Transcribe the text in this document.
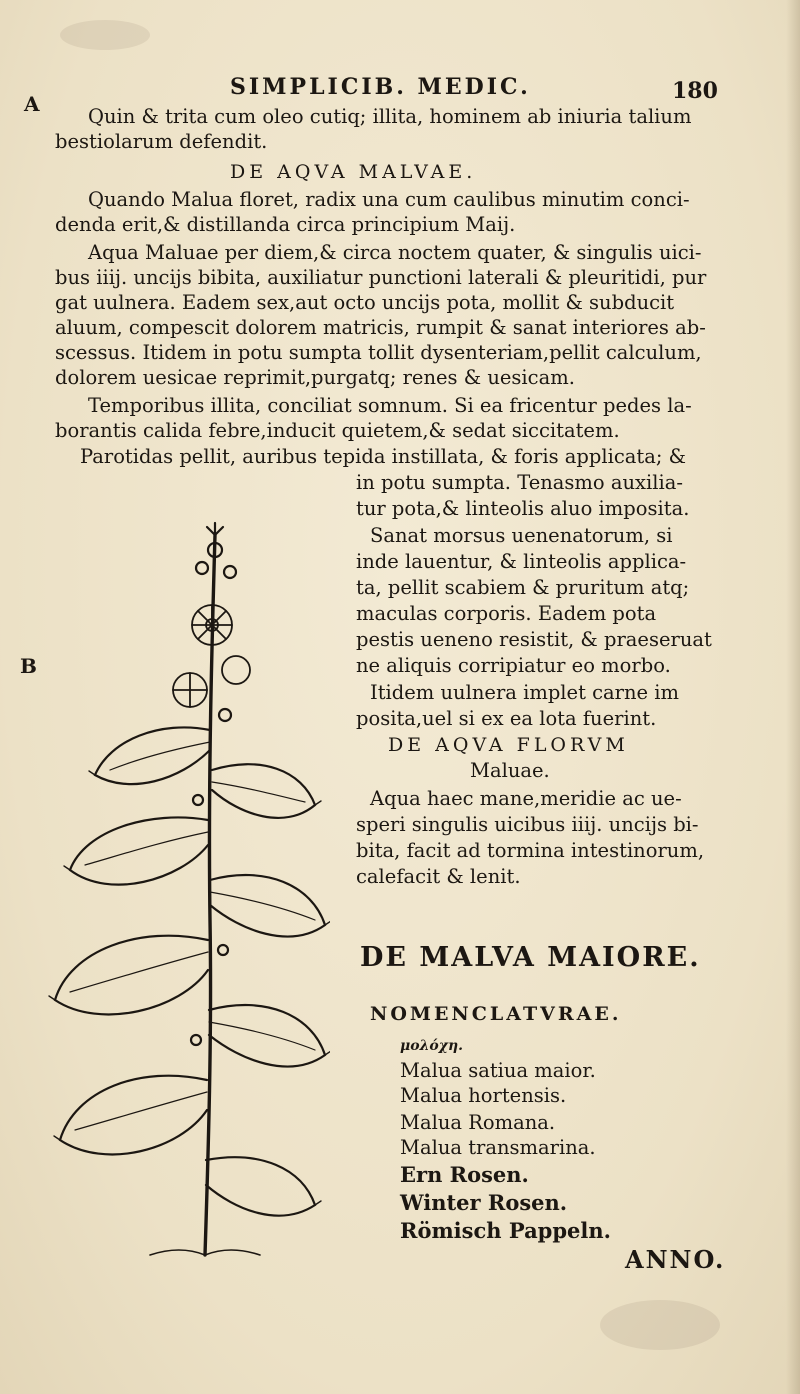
SIMPLICIB. MEDIC.	180
A
B
Quin & trita cum oleo cutiq; illita, hominem ab iniuria talium
bestiolarum defendit.
DE AQVA MALVAE.
Quando Malua floret, radix una cum caulibus minutim conci-
denda erit,& distillanda circa principium Maij.
Aqua Maluae per diem,& circa noctem quater, & singulis uici-
bus iiij. uncijs bibita, auxiliatur punctioni laterali & pleuritidi, pur
gat uulnera. Eadem sex,aut octo uncijs pota, mollit & subducit
aluum, compescit dolorem matricis, rumpit & sanat interiores ab-
scessus. Itidem in potu sumpta tollit dysenteriam,pellit calculum,
dolorem uesicae reprimit,purgatq; renes & uesicam.
Temporibus illita, conciliat somnum. Si ea fricentur pedes la-
borantis calida febre,inducit quietem,& sedat siccitatem.
Parotidas pellit, auribus tepida instillata, & foris applicata; &
in potu sumpta. Tenasmo auxilia-
tur pota,& linteolis aluo imposita.
Sanat morsus uenenatorum, si
inde lauentur, & linteolis applica-
ta, pellit scabiem & pruritum atq;
maculas corporis. Eadem pota
pestis ueneno resistit, & praeseruat
ne aliquis corripiatur eo morbo.
Itidem uulnera implet carne im
posita,uel si ex ea lota fuerint.
DE AQVA FLORVM
Maluae.
Aqua haec mane,meridie ac ue-
speri singulis uicibus iiij. uncijs bi-
bita, facit ad tormina intestinorum,
calefacit & lenit.
DE MALVA MAIORE.
NOMENCLATVRAE.
μολόχη.
Malua satiua maior.
Malua hortensis.
Malua Romana.
Malua transmarina.
Ern Rosen.
Winter Rosen.
Römisch Pappeln.
ANNO.
